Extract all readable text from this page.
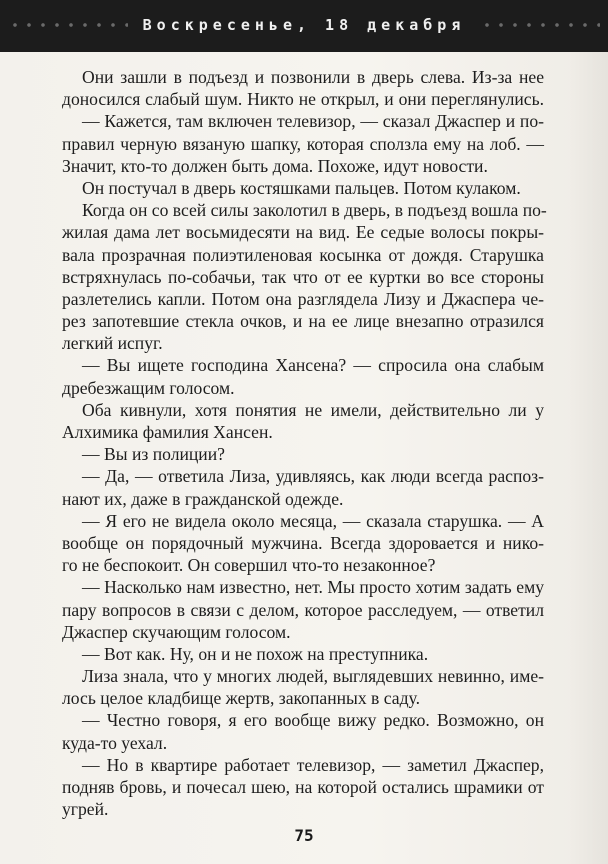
Воскресенье, 18 декабря
Они зашли в подъезд и позвонили в дверь слева. Из-за нее
доносился слабый шум. Никто не открыл, и они переглянулись.
— Кажется, там включен телевизор, — сказал Джаспер и по-
правил черную вязаную шапку, которая сползла ему на лоб. —
Значит, кто-то должен быть дома. Похоже, идут новости.
Он постучал в дверь костяшками пальцев. Потом кулаком.
Когда он со всей силы заколотил в дверь, в подъезд вошла по-
жилая дама лет восьмидесяти на вид. Ее седые волосы покры-
вала прозрачная полиэтиленовая косынка от дождя. Старушка
встряхнулась по-собачьи, так что от ее куртки во все стороны
разлетелись капли. Потом она разглядела Лизу и Джаспера че-
рез запотевшие стекла очков, и на ее лице внезапно отразился
легкий испуг.
— Вы ищете господина Хансена? — спросила она слабым
дребезжащим голосом.
Оба кивнули, хотя понятия не имели, действительно ли у
Алхимика фамилия Хансен.
— Вы из полиции?
— Да, — ответила Лиза, удивляясь, как люди всегда распоз-
нают их, даже в гражданской одежде.
— Я его не видела около месяца, — сказала старушка. — А
вообще он порядочный мужчина. Всегда здоровается и нико-
го не беспокоит. Он совершил что-то незаконное?
— Насколько нам известно, нет. Мы просто хотим задать ему
пару вопросов в связи с делом, которое расследуем, — ответил
Джаспер скучающим голосом.
— Вот как. Ну, он и не похож на преступника.
Лиза знала, что у многих людей, выглядевших невинно, име-
лось целое кладбище жертв, закопанных в саду.
— Честно говоря, я его вообще вижу редко. Возможно, он
куда-то уехал.
— Но в квартире работает телевизор, — заметил Джаспер,
подняв бровь, и почесал шею, на которой остались шрамики от
угрей.
75
